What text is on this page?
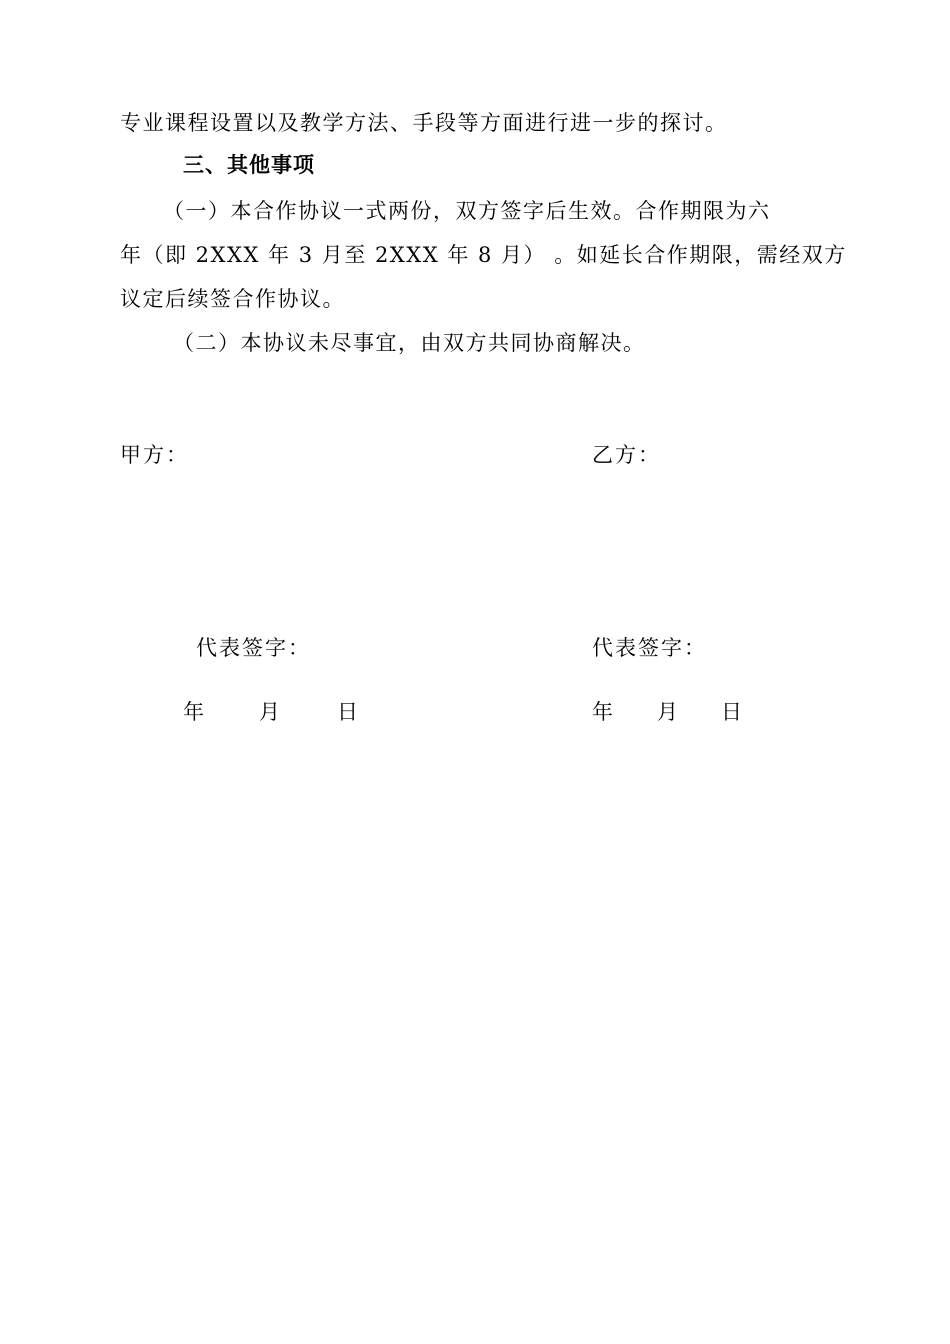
专业课程设置以及教学方法、手段等方面进行进一步的探讨。
三、其他事项
（一）本合作协议一式两份，双方签字后生效。合作期限为六
年（即 2XXX 年 3 月至 2XXX 年 8 月） 。如延长合作期限，需经双方
议定后续签合作协议。
（二）本协议未尽事宜，由双方共同协商解决。
甲方：
代表签字：
年	月	日
乙方：
代表签字：
年 月 日
